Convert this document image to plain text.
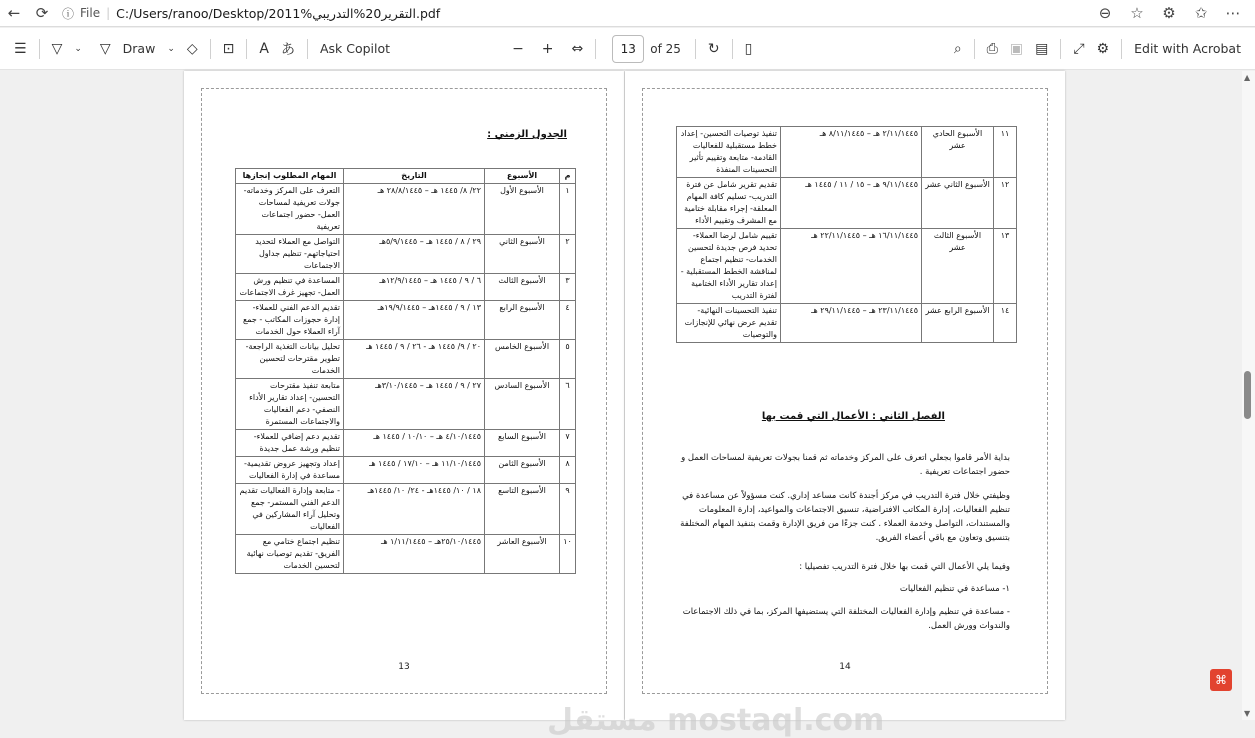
←	⟳	ⓘ File | C:/Users/ranoo/Desktop/2011%التقرير20%التدريبي.pdf	⊖	☆	⚙	✩	⋯
☰	▽	⌄	▽ Draw	⌄ ◇	⊡	A あ	Ask Copilot	−	+	⇔	13	of 25	↻	▯	⌕	⎙ ▣ ▤	⤢ ⚙	Edit with Acrobat
الجدول الزمني :
م	الأسبوع	التاريخ	المهام المطلوب إنجازها
١	الأسبوع الأول	٢٢/ ٨/ ١٤٤٥ هـ – ٢٨/٨/١٤٤٥ هـ	التعرف على المركز وخدماته- جولات تعريفية لمساحات العمل- حضور اجتماعات تعريفية
٢	الأسبوع الثاني	٢٩ / ٨ / ١٤٤٥ هـ – ٥/٩/١٤٤٥هـ	التواصل مع العملاء لتحديد احتياجاتهم- تنظيم جداول الاجتماعات
٣	الأسبوع الثالث	٦ / ٩ / ١٤٤٥ هـ – ١٢/٩/١٤٤٥هـ	المساعدة في تنظيم ورش العمل- تجهيز غرف الاجتماعات
٤	الأسبوع الرابع	١٣ / ٩ / ١٤٤٥هـ – ١٩/٩/١٤٤٥هـ	تقديم الدعم الفني للعملاء- إدارة حجوزات المكاتب - جمع آراء العملاء حول الخدمات
٥	الأسبوع الخامس	٢٠ / ٩/ ١٤٤٥ هـ - ٢٦ / ٩ / ١٤٤٥ هـ	تحليل بيانات التغذية الراجعة- تطوير مقترحات لتحسين الخدمات
٦	الأسبوع السادس	٢٧ / ٩ / ١٤٤٥ هـ – ٣/١٠/١٤٤٥هـ	متابعة تنفيذ مقترحات التحسين- إعداد تقارير الأداء النصفي- دعم الفعاليات والاجتماعات المستمرة
٧	الأسبوع السابع	٤/١٠/١٤٤٥ هـ – ١٠/١٠ / ١٤٤٥ هـ	تقديم دعم إضافي للعملاء- تنظيم ورشة عمل جديدة
٨	الأسبوع الثامن	١١/١٠/١٤٤٥ هـ – ١٧/١٠ / ١٤٤٥ هـ	إعداد وتجهيز عروض تقديمية- مساعدة في إدارة الفعاليات
٩	الأسبوع التاسع	١٨ / ١٠/ ١٤٤٥هـ - ٢٤/ ١٠/ ١٤٤٥هـ	- متابعة وإدارة الفعاليات تقديم الدعم الفني المستمر- جمع وتحليل آراء المشاركين في الفعاليات
١٠	الأسبوع العاشر	٢٥/١٠/١٤٤٥هـ – ١/١١/١٤٤٥ هـ	تنظيم اجتماع ختامي مع الفريق- تقديم توصيات نهائية لتحسين الخدمات
13
١١	الأسبوع الحادي عشر	٢/١١/١٤٤٥ هـ – ٨/١١/١٤٤٥ هـ	تنفيذ توصيات التحسين- إعداد خطط مستقبلية للفعاليات القادمة- متابعة وتقييم تأثير التحسينات المنفذة
١٢	الأسبوع الثاني عشر	٩/١١/١٤٤٥ هـ – ١٥ / ١١ / ١٤٤٥ هـ	تقديم تقرير شامل عن فترة التدريب- تسليم كافة المهام المعلقة- إجراء مقابلة ختامية مع المشرف وتقييم الأداء
١٣	الأسبوع الثالث عشر	١٦/١١/١٤٤٥ هـ – ٢٢/١١/١٤٤٥ هـ	تقييم شامل لرضا العملاء- تحديد فرص جديدة لتحسين الخدمات- تنظيم اجتماع لمناقشة الخطط المستقبلية - إعداد تقارير الأداء الختامية لفترة التدريب
١٤	الأسبوع الرابع عشر	٢٣/١١/١٤٤٥ هـ – ٢٩/١١/١٤٤٥ هـ	تنفيذ التحسينات النهائية- تقديم عرض نهائي للإنجازات والتوصيات
الفصل الثاني : الأعمال التي قمت بها
بداية الأمر قاموا بجعلي اتعرف على المركز وخدماته ثم قمنا بجولات تعريفية لمساحات العمل و حضور اجتماعات تعريفية .
وظيفتي خلال فترة التدريب في مركز أجندة كانت مساعد إداري. كنت مسؤولاً عن مساعدة في تنظيم الفعاليات، إدارة المكاتب الافتراضية، تنسيق الاجتماعات والمواعيد، إدارة المعلومات والمستندات، التواصل وخدمة العملاء . كنت جزءًا من فريق الإدارة وقمت بتنفيذ المهام المختلفة بتنسيق وتعاون مع باقي أعضاء الفريق.
وفيما يلي الأعمال التي قمت بها خلال فترة التدريب تفصيليا :
١- مساعدة في تنظيم الفعاليات
- مساعدة في تنظيم وإدارة الفعاليات المختلفة التي يستضيفها المركز، بما في ذلك الاجتماعات والندوات وورش العمل.
14
مستقل mostaql.com
▲
▼
⌘
